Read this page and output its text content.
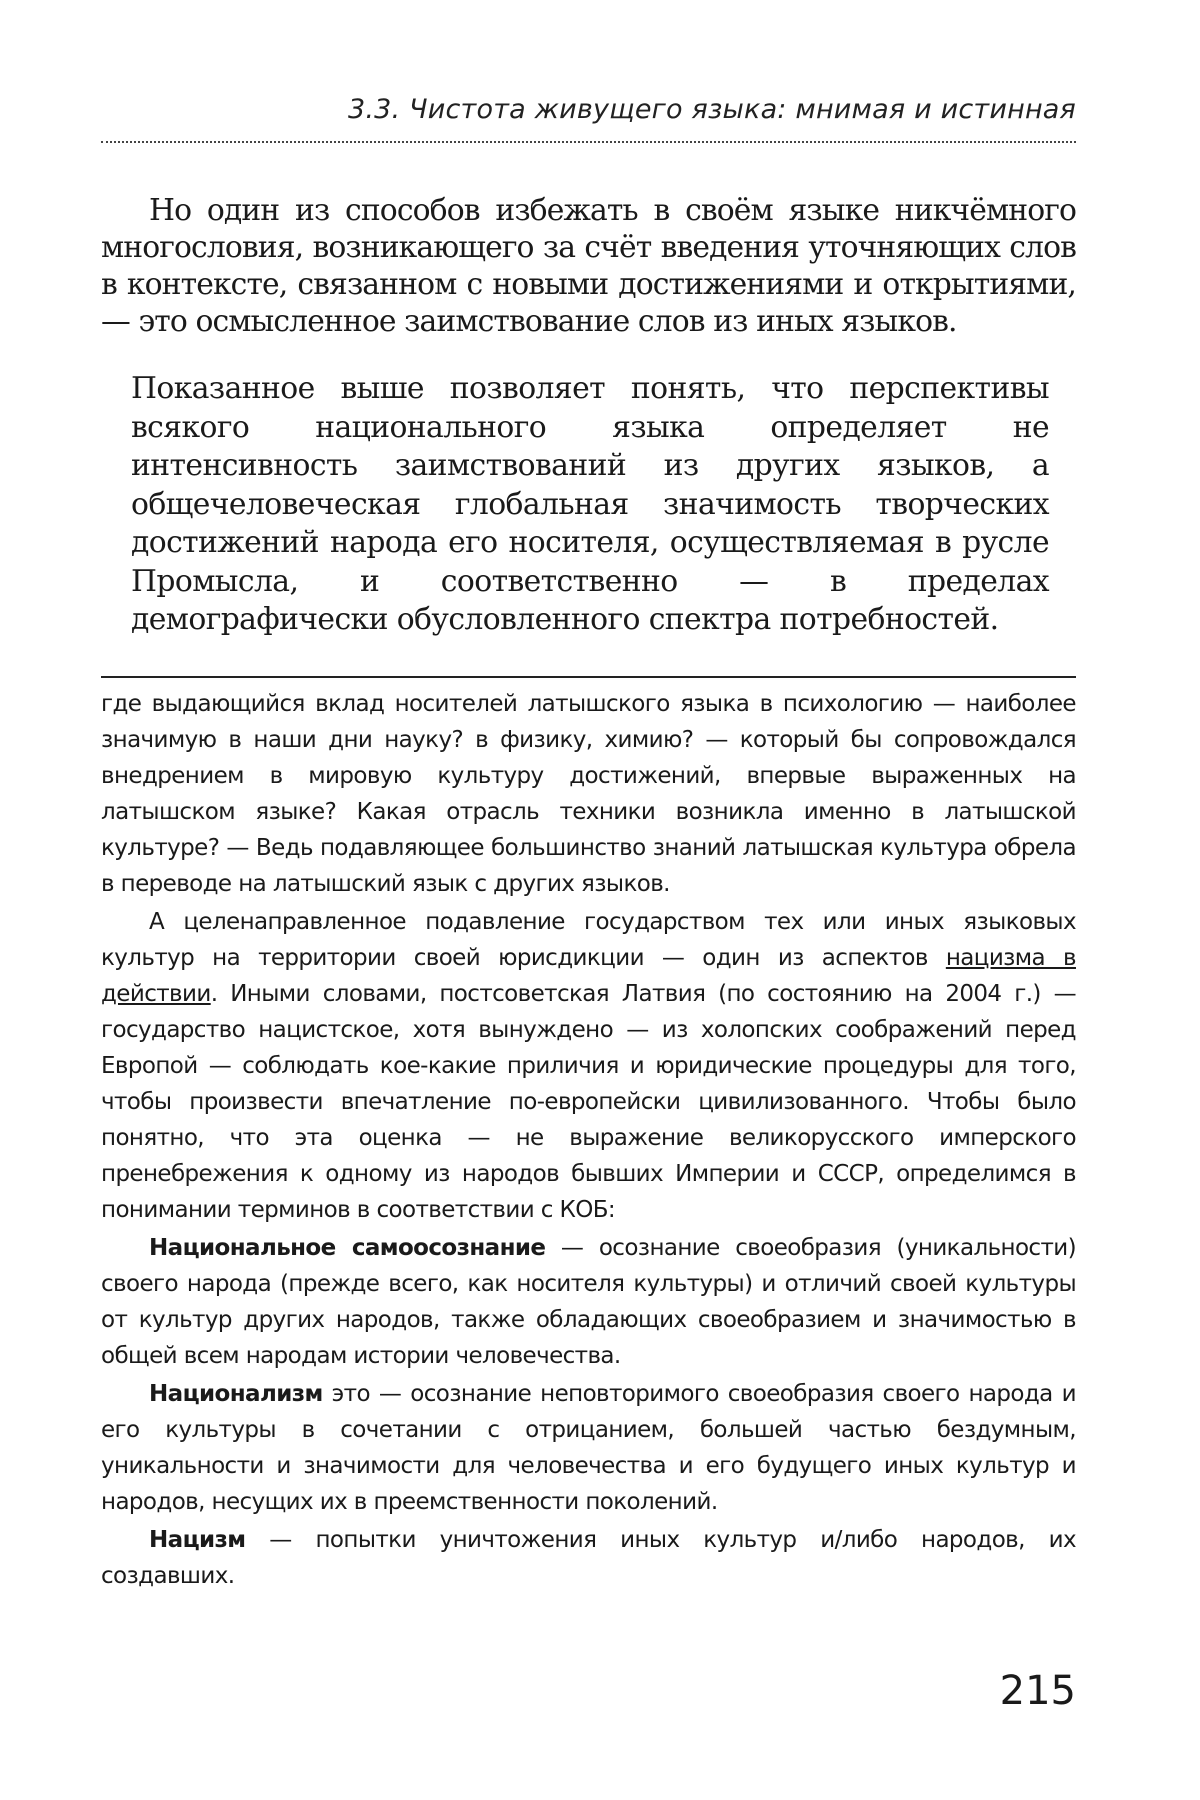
3.3. Чистота живущего языка: мнимая и истинная

Но один из способов избежать в своём языке никчёмного многословия, возникающего за счёт введения уточняющих слов в контексте, связанном с новыми достижениями и открытиями, — это осмысленное заимствование слов из иных языков.

Показанное выше позволяет понять, что перспективы всякого национального языка определяет не интенсивность заимствований из других языков, а общечеловеческая глобальная значимость творческих достижений народа его носителя, осуществляемая в русле Промысла, и соответственно — в пределах демографически обусловленного спектра потребностей.

где выдающийся вклад носителей латышского языка в психологию — наиболее значимую в наши дни науку? в физику, химию? — который бы сопровождался внедрением в мировую культуру достижений, впервые выраженных на латышском языке? Какая отрасль техники возникла именно в латышской культуре? — Ведь подавляющее большинство знаний латышская культура обрела в переводе на латышский язык с других языков.

А целенаправленное подавление государством тех или иных языковых культур на территории своей юрисдикции — один из аспектов нацизма в действии. Иными словами, постсоветская Латвия (по состоянию на 2004 г.) — государство нацистское, хотя вынуждено — из холопских соображений перед Европой — соблюдать кое-какие приличия и юридические процедуры для того, чтобы произвести впечатление по-европейски цивилизованного. Чтобы было понятно, что эта оценка — не выражение великорусского имперского пренебрежения к одному из народов бывших Империи и СССР, определимся в понимании терминов в соответствии с КОБ:

Национальное самоосознание — осознание своеобразия (уникальности) своего народа (прежде всего, как носителя культуры) и отличий своей культуры от культур других народов, также обладающих своеобразием и значимостью в общей всем народам истории человечества.

Национализм это — осознание неповторимого своеобразия своего народа и его культуры в сочетании с отрицанием, большей частью бездумным, уникальности и значимости для человечества и его будущего иных культур и народов, несущих их в преемственности поколений.

Нацизм — попытки уничтожения иных культур и/либо народов, их создавших.

215
